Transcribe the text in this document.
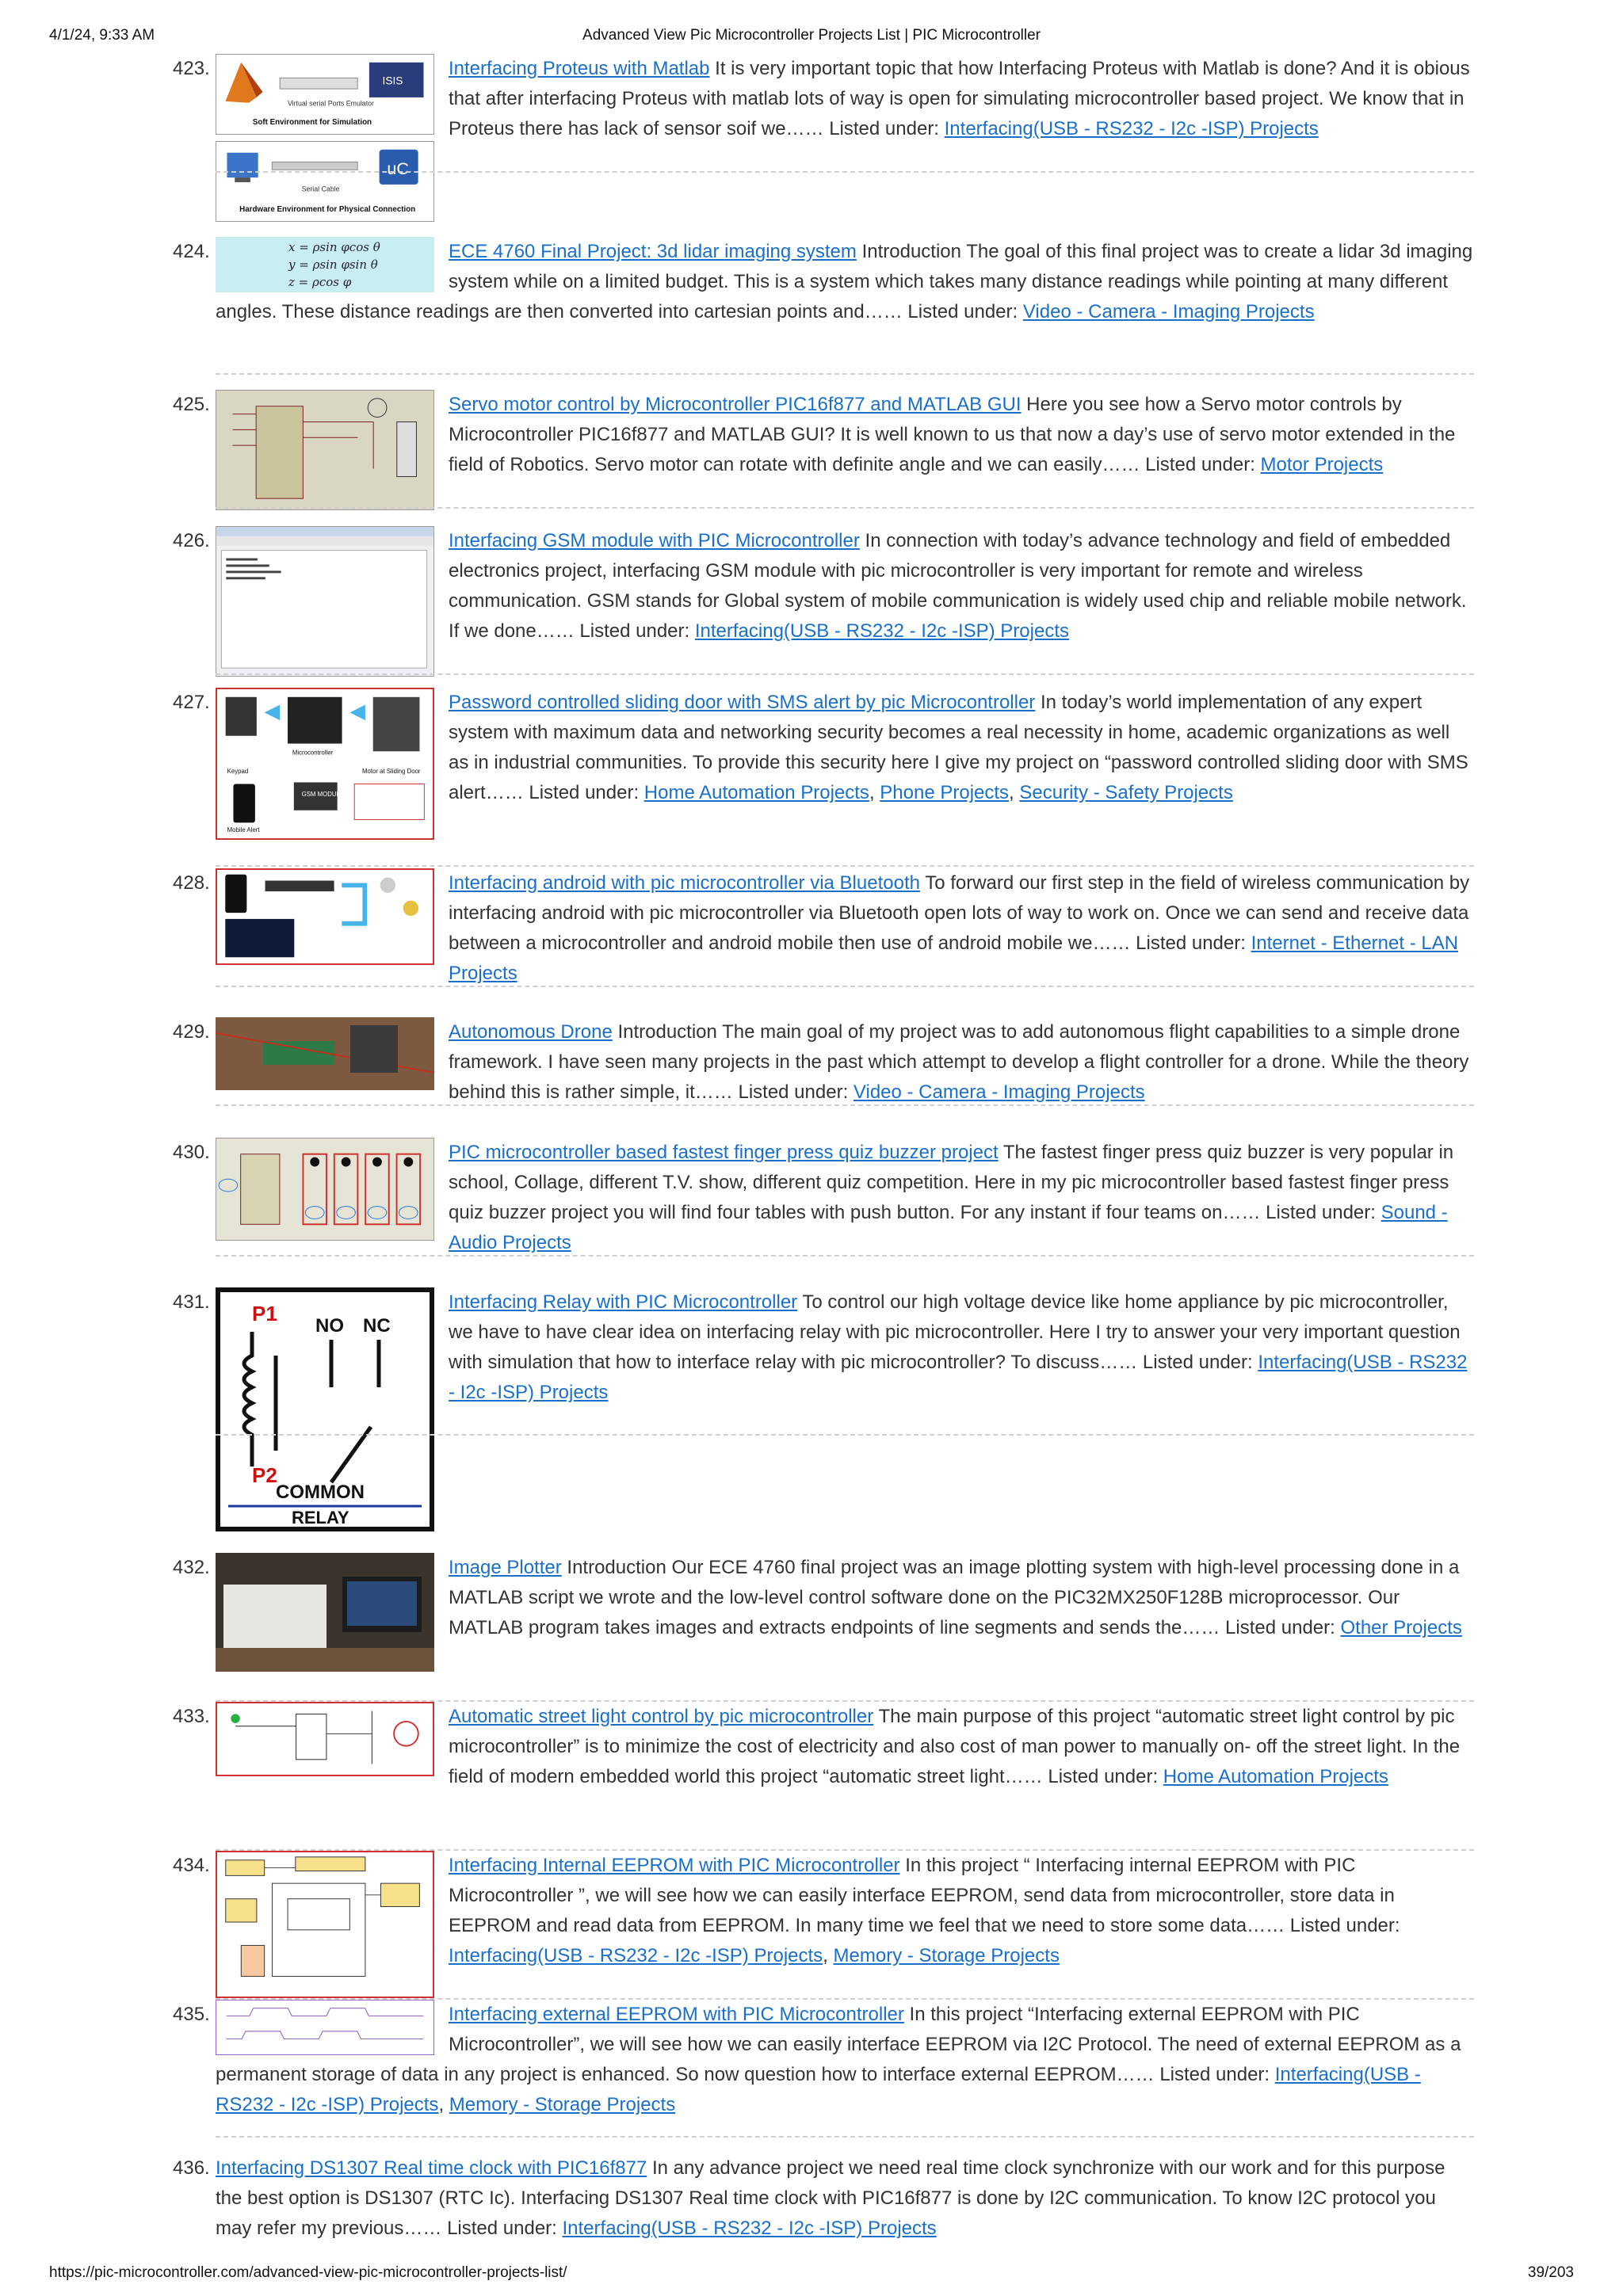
4/1/24, 9:33 AM	Advanced View Pic Microcontroller Projects List | PIC Microcontroller
423.
ISIS
Virtual serial Ports Emulator
Soft Environment for Simulation
uC
Serial Cable
Hardware Environment for Physical Connection
Interfacing Proteus with Matlab It is very important topic that how Interfacing Proteus with Matlab is done? And it is obious that after interfacing Proteus with matlab lots of way is open for simulating microcontroller based project. We know that in Proteus there has lack of sensor soif we…… Listed under: Interfacing(USB - RS232 - I2c -ISP) Projects
424.	x = ρsin φcos θ
y = ρsin φsin θ
z = ρcos φ
ECE 4760 Final Project: 3d lidar imaging system Introduction The goal of this final project was to create a lidar 3d imaging system while on a limited budget. This is a system which takes many distance readings while pointing at many different angles. These distance readings are then converted into cartesian points and…… Listed under: Video - Camera - Imaging Projects
425.	Servo motor control by Microcontroller PIC16f877 and MATLAB GUI Here you see how a Servo motor controls by Microcontroller PIC16f877 and MATLAB GUI? It is well known to us that now a day’s use of servo motor extended in the field of Robotics. Servo motor can rotate with definite angle and we can easily…… Listed under: Motor Projects
426.	Interfacing GSM module with PIC Microcontroller In connection with today’s advance technology and field of embedded electronics project, interfacing GSM module with pic microcontroller is very important for remote and wireless communication. GSM stands for Global system of mobile communication is widely used chip and reliable mobile network. If we done…… Listed under: Interfacing(USB - RS232 - I2c -ISP) Projects
427.
Microcontroller
Keypad	Motor at Sliding Door
GSM MODULE
Mobile Alert
Password controlled sliding door with SMS alert by pic Microcontroller In today’s world implementation of any expert system with maximum data and networking security becomes a real necessity in home, academic organizations as well as in industrial communities. To provide this security here I give my project on “password controlled sliding door with SMS alert…… Listed under: Home Automation Projects, Phone Projects, Security - Safety Projects
428.	Interfacing android with pic microcontroller via Bluetooth To forward our first step in the field of wireless communication by interfacing android with pic microcontroller via Bluetooth open lots of way to work on. Once we can send and receive data between a microcontroller and android mobile then use of android mobile we…… Listed under: Internet - Ethernet - LAN Projects
429.	Autonomous Drone Introduction The main goal of my project was to add autonomous flight capabilities to a simple drone framework. I have seen many projects in the past which attempt to develop a flight controller for a drone. While the theory behind this is rather simple, it…… Listed under: Video - Camera - Imaging Projects
430.	PIC microcontroller based fastest finger press quiz buzzer project The fastest finger press quiz buzzer is very popular in school, Collage, different T.V. show, different quiz competition. Here in my pic microcontroller based fastest finger press quiz buzzer project you will find four tables with push button. For any instant if four teams on…… Listed under: Sound - Audio Projects
431. P1
NO NC
P2
COMMON
RELAY
Interfacing Relay with PIC Microcontroller To control our high voltage device like home appliance by pic microcontroller, we have to have clear idea on interfacing relay with pic microcontroller. Here I try to answer your very important question with simulation that how to interface relay with pic microcontroller? To discuss…… Listed under: Interfacing(USB - RS232 - I2c -ISP) Projects
432.	Image Plotter Introduction Our ECE 4760 final project was an image plotting system with high-level processing done in a MATLAB script we wrote and the low-level control software done on the PIC32MX250F128B microprocessor. Our MATLAB program takes images and extracts endpoints of line segments and sends the…… Listed under: Other Projects
433.	Automatic street light control by pic microcontroller The main purpose of this project “automatic street light control by pic microcontroller” is to minimize the cost of electricity and also cost of man power to manually on- off the street light. In the field of modern embedded world this project “automatic street light…… Listed under: Home Automation Projects
434.	Interfacing Internal EEPROM with PIC Microcontroller In this project “ Interfacing internal EEPROM with PIC Microcontroller ”, we will see how we can easily interface EEPROM, send data from microcontroller, store data in EEPROM and read data from EEPROM. In many time we feel that we need to store some data…… Listed under: Interfacing(USB - RS232 - I2c -ISP) Projects, Memory - Storage Projects
435.	Interfacing external EEPROM with PIC Microcontroller In this project “Interfacing external EEPROM with PIC Microcontroller”, we will see how we can easily interface EEPROM via I2C Protocol. The need of external EEPROM as a permanent storage of data in any project is enhanced. So now question how to interface external EEPROM…… Listed under: Interfacing(USB - RS232 - I2c -ISP) Projects, Memory - Storage Projects
436. Interfacing DS1307 Real time clock with PIC16f877 In any advance project we need real time clock synchronize with our work and for this purpose the best option is DS1307 (RTC Ic). Interfacing DS1307 Real time clock with PIC16f877 is done by I2C communication. To know I2C protocol you may refer my previous…… Listed under: Interfacing(USB - RS232 - I2c -ISP) Projects
https://pic-microcontroller.com/advanced-view-pic-microcontroller-projects-list/	39/203
